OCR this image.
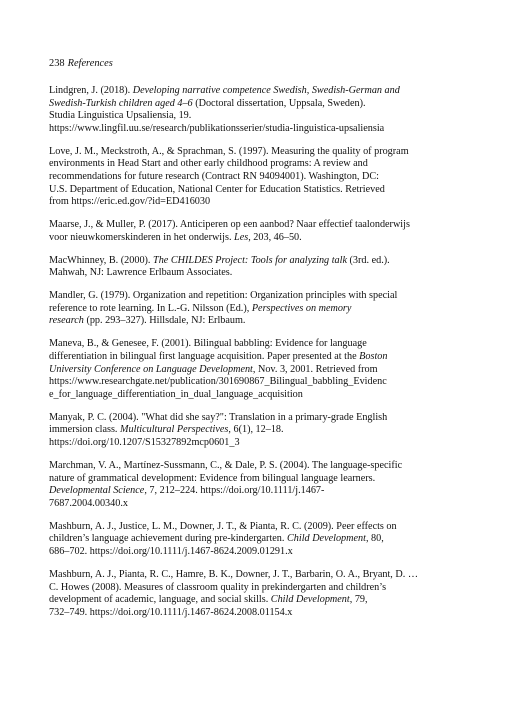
238 References
Lindgren, J. (2018). Developing narrative competence Swedish, Swedish-German and
Swedish-Turkish children aged 4–6 (Doctoral dissertation, Uppsala, Sweden).
Studia Linguistica Upsaliensia, 19.
https://www.lingfil.uu.se/research/publikationsserier/studia-linguistica-upsaliensia
Love, J. M., Meckstroth, A., & Sprachman, S. (1997). Measuring the quality of program
environments in Head Start and other early childhood programs: A review and
recommendations for future research (Contract RN 94094001). Washington, DC:
U.S. Department of Education, National Center for Education Statistics. Retrieved
from https://eric.ed.gov/?id=ED416030
Maarse, J., & Muller, P. (2017). Anticiperen op een aanbod? Naar effectief taalonderwijs
voor nieuwkomerskinderen in het onderwijs. Les, 203, 46–50.
MacWhinney, B. (2000). The CHILDES Project: Tools for analyzing talk (3rd. ed.).
Mahwah, NJ: Lawrence Erlbaum Associates.
Mandler, G. (1979). Organization and repetition: Organization principles with special
reference to rote learning. In L.-G. Nilsson (Ed.), Perspectives on memory
research (pp. 293–327). Hillsdale, NJ: Erlbaum.
Maneva, B., & Genesee, F. (2001). Bilingual babbling: Evidence for language
differentiation in bilingual first language acquisition. Paper presented at the Boston
University Conference on Language Development, Nov. 3, 2001. Retrieved from
https://www.researchgate.net/publication/301690867_Bilingual_babbling_Evidenc
e_for_language_differentiation_in_dual_language_acquisition
Manyak, P. C. (2004). "What did she say?": Translation in a primary-grade English
immersion class. Multicultural Perspectives, 6(1), 12–18.
https://doi.org/10.1207/S15327892mcp0601_3
Marchman, V. A., Martínez-Sussmann, C., & Dale, P. S. (2004). The language-specific
nature of grammatical development: Evidence from bilingual language learners.
Developmental Science, 7, 212–224. https://doi.org/10.1111/j.1467-
7687.2004.00340.x
Mashburn, A. J., Justice, L. M., Downer, J. T., & Pianta, R. C. (2009). Peer effects on
children’s language achievement during pre-kindergarten. Child Development, 80,
686–702. https://doi.org/10.1111/j.1467-8624.2009.01291.x
Mashburn, A. J., Pianta, R. C., Hamre, B. K., Downer, J. T., Barbarin, O. A., Bryant, D. …
C. Howes (2008). Measures of classroom quality in prekindergarten and children’s
development of academic, language, and social skills. Child Development, 79,
732–749. https://doi.org/10.1111/j.1467-8624.2008.01154.x
